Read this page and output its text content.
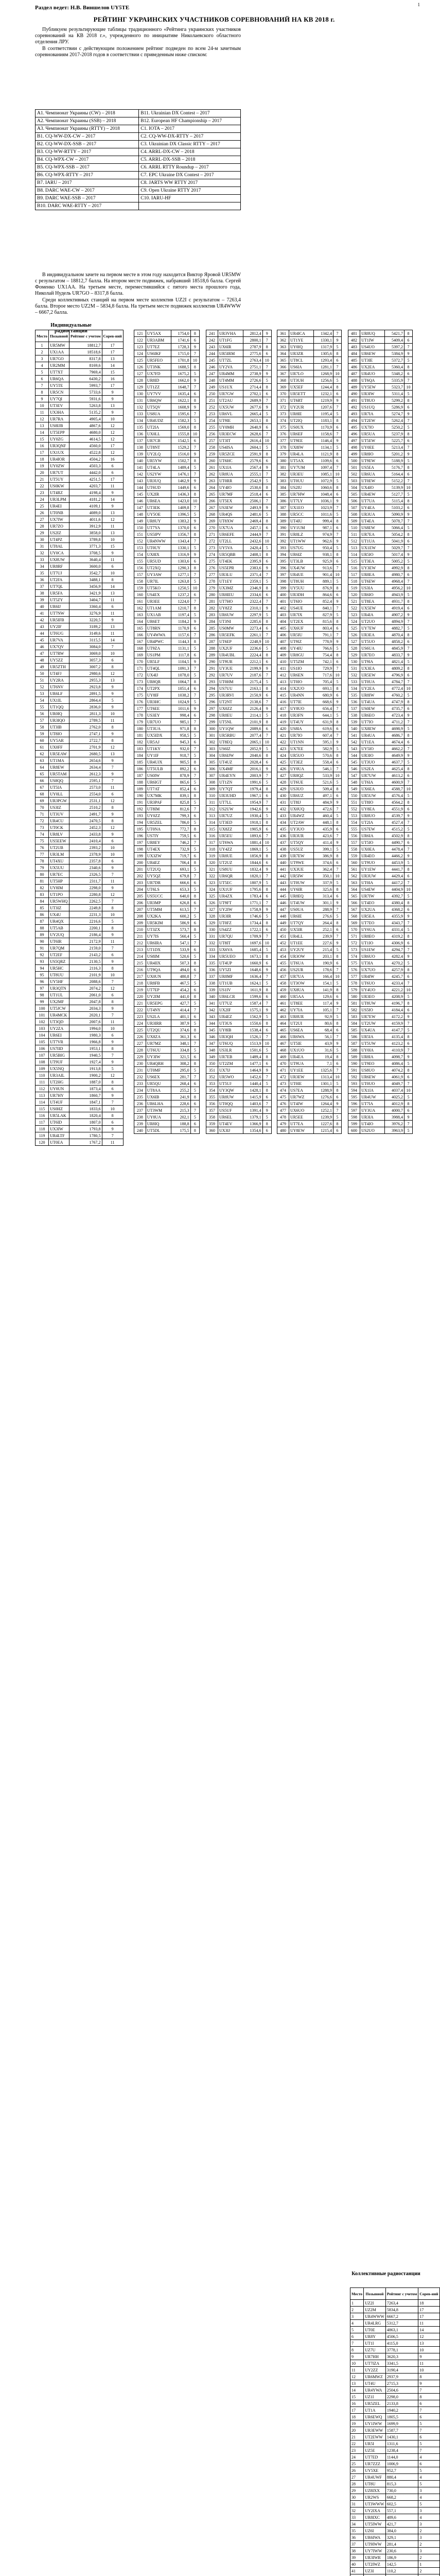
1
Раздел ведет: Н.В. Виншелов UY5TE
РЕЙТИНГ УКРАИНСКИХ УЧАСТНИКОВ СОРЕВНОВАНИЙ НА КВ 2018 г.

Публикуем результирующие таблицы традиционного «Рейтинга украинских участников соревнований на КВ 2018 г.», учрежденного по инициативе Николаевского областного отделения ЛРУ.

В соответствии с действующим положением рейтинг подведен по всем 24-м зачетным соревнованиям 2017-2018 годов в соответствии с приведенным ниже списком:

A1. Чемпионат Украины (CW) – 2018	B11. Ukrainian DX Contest – 2017
A2. Чемпионат Украины (SSB) – 2018	B12. European HF Championship – 2017
A3. Чемпионат Украины (RTTY) – 2018	C1. IOTA – 2017
B1. CQ-WW-DX-CW – 2017	C2. CQ-WW-DX-RTTY – 2017
B2. CQ-WW-DX-SSB – 2017	C3. Ukrainian DX Classic RTTY – 2017
B3. CQ-WW-RTTY – 2017	C4. ARRL-DX-CW – 2018
B4. CQ-WPX-CW – 2017	C5. ARRL-DX-SSB – 2018
B5. CQ-WPX-SSB – 2017	C6. ARRL RTTY Roundup – 2017
B6. CQ-WPX-RTTY – 2017	C7. EPC Ukraine DX Contest – 2017
B7. IARU – 2017	C8. JARTS WW RTTY 2017
B8. DARC WAE-CW – 2017	C9. Open Ukraine RTTY 2017
B9. DARC WAE-SSB – 2017	C10. IARU-HF
B10. DARC WAE-RTTY – 2017	

В индивидуальном зачете на первом месте в этом году находится Виктор Яровой UR5MW с результатом – 18812,7 балла. На втором месте подвижек, набравший 18518,6 балла. Сергей Фоменко UX1AA. На третьем месте, переместившийся с пятого места прошлого года, Николай Нудель UR7GO – 8317,8 балла.

Среди коллективных станций на первом месте коллектив UZ2I с результатом – 7263,4 балла. Второе место UZ2M – 5834,8 балла. На третьем месте подвижек коллектив UR4WWW – 6667,2 балла.

Индивидуальные радиостанции
Место	Позывной	Рейтинг с учетом	Сорев-ний
1	UR5MW	18812,7	17
2	UX1AA	18518,6	17
3	UR7GO	8317,8	13
4	UR2MM	8169,6	14
5	UT7XT	7969,4	15
6	UR6QA	6430,2	16
7	UY5TE	5993,7	17
8	UR5CN	5733,6	9
9	UY7QI	5931,6	9
10	UT3EV	5263,8	13
11	UX3HA	5135,2	9
12	UR7RA	4905,4	10
13	US8IJB	4867,6	12
14	UT5EPP	4680,0	12
15	UY0ZG	4614,5	12
16	UR3QNF	4560,0	17
17	UX1UX	4522,8	12
18	UR4IOR	4504,2	16
19	UY0ZW	4503,3	6
20	UR7UT	4442,0	6
21	UT5UY	4251,5	17
22	US0KW	4203,7	11
23	UT4RZ	4198,4	9
24	UR3LPM	4181,2	14
25	UR4EI	4109,1	9
26	UT0NB	4089,0	13
27	UX7IW	4011,6	12
28	UR7ZO	3912,9	11
29	US2IZ	3858,0	13
30	UT4PZ	3789,8	10
31	UT8AL	3771,3	15
32	UY0CA	3708,5	9
33	UX8UW	3640,4	11
34	UR8RF	3600,0	6
35	UT7UJ	3542,7	10
36	UT2FA	3488,1	8
37	UT7QL	3456,9	14
38	UR5FA	3421,9	13
39	UT5ZY	3404,7	11
40	UR6IJ	3360,4	6
41	UT7NW	3276,9	11
42	UR5IFB	3220,5	9
43	UY2IF	3189,2	13
44	UT6UG	3149,6	11
45	UR7VA	3115,5	14
46	UX7QV	3084,0	7
47	UT7RW	3069,0	10
48	UY5ZZ	3057,3	6
49	UR5ZTH	3007,2	8
50	UT4FJ	2980,6	12
51	UY2RA	2955,3	13
52	UT6NV	2923,8	9
53	UR6LF	2891,5	9
54	UX1IL	2864,4	5
55	UT1QQ	2836,0	9
56	UR0IQ	2811,3	10
57	UR3IQO	2789,5	11
58	UT3IB	2762,0	8
59	UT8IO	2747,1	9
60	UY5AR	2722,7	8
61	UX0FF	2701,9	12
62	UR5EAW	2680,5	13
63	UT1MA	2654,6	9
64	UR8EW	2634,4	7
65	UR5TAM	2612,3	9
66	US8QQ	2595,1	7
67	UT5IA	2573,0	11
68	UY0LL	2554,0	6
69	UR3PGW	2531,1	12
70	US3IZ	2510,2	8
71	UT3UV	2491,7	9
72	UR4CU	2470,5	8
73	UT0CK	2452,3	12
74	UR8LV	2433,8	9
75	US5EEW	2410,4	6
76	UT2UB	2393,2	10
77	UR3LM	2378,9	10
78	UT4XU	2357,8	6
79	UX5UU	2340,6	9
80	UR7EC	2326,5	7
81	UT5HP	2311,7	11
82	UY8IM	2298,0	9
83	UT1PO	2280,8	12
84	UR5WHQ	2262,5	7
85	UT3IZ	2249,8	8
86	UX4U	2231,3	10
87	UR4QX	2216,6	5
88	UT5AB	2200,1	8
89	UY2UQ	2186,4	9
90	UT6IR	2172,9	11
91	UR7QM	2159,0	7
92	UT2EF	2143,2	6
93	US5QRZ	2130,5	9
94	UR5HC	2116,3	8
95	UT8UU	2101,9	10
96	UY5HF	2088,6	7
97	UR3QTN	2074,2	12
98	UT1UL	2061,0	6
99	UX2MF	2047,8	8
100	UT5JCW	2034,3	9
101	UR4MCK	2020,1	7
102	UT3QD	2007,6	11
103	UY2ZA	1994,0	10
104	UR6EI	1980,3	6
105	UT7VR	1966,8	9
106	US7IID	1953,1	8
107	UR5BIG	1940,5	7
108	UT9UF	1927,4	9
109	UX5NQ	1913,8	5
110	UR3AIL	1900,2	12
111	UT2HG	1887,0	8
112	UY0UN	1873,4	6
113	UR7HY	1860,7	9
114	UT4UF	1847,1	7
115	US0HZ	1833,6	10
116	UR5LAK	1820,4	8
117	UT6ID	1807,0	6
118	UX3IW	1793,8	9
119	UR4LTF	1780,5	7
120	UT0EA	1767,2	11
121	UY5AX	1754,0	8
122	UR3ABM	1741,6	6
123	UT7EZ	1728,3	9
124	US6IKF	1715,0	7
125	UR5FEO	1701,8	10
126	UT3NK	1688,5	8
127	UX7FD	1675,2	5
128	UR8ID	1662,0	9
129	UT1ZZ	1648,7	7
130	UY7VV	1635,4	6
131	UR6QW	1622,1	8
132	UT5QV	1608,9	9
133	US8UA	1595,6	7
134	UR4UDZ	1582,3	5
135	UT2IA	1569,0	8
136	UX0LL	1555,8	10
137	UR7CB	1542,5	6
138	UT8NT	1529,2	7
139	UY2LQ	1516,0	9
140	UR5YW	1502,7	8
141	UT4LA	1489,4	5
142	US2YW	1476,1	7
143	UR3UQ	1462,9	9
144	UT6UD	1449,6	6
145	UX2IR	1436,3	8
146	UR6EA	1423,0	10
147	UT3EK	1409,8	7
148	UY5OE	1396,5	5
149	UR8UY	1383,2	9
150	UT7YA	1370,0	6
151	US5IPV	1356,7	8
152	UR4NWW	1343,4	7
153	UT0UY	1330,1	5
154	UX8IX	1316,9	9
155	UR5UD	1303,6	6
156	UT2XQ	1290,3	8
157	UY3AW	1277,1	7
158	UR7IL	1263,8	5
159	UT5KO	1250,5	10
160	US4EX	1237,2	6
161	UR3EE	1224,0	7
162	UT1AM	1210,7	8
163	UX1AB	1197,4	5
164	UR6ET	1184,2	9
165	UT8RN	1170,9	6
166	UY4WWA	1157,6	7
167	UR4PWC	1144,3	8
168	UT9ZA	1131,1	5
169	US1PM	1117,8	6
170	UR5LF	1104,5	9
171	UT4QL	1091,3	7
172	UX4IJ	1078,0	5
173	UR8QR	1064,7	8
174	UT2PX	1051,4	6
175	UY8IF	1038,2	7
176	UR3HC	1024,9	5
177	UT6EE	1011,6	9
178	US3EY	998,4	6
179	UR7UO	985,1	7
180	UT3UA	971,8	8
181	UX5IDX	958,5	5
182	UR5AJ	945,3	6
183	UT1KY	932,0	7
184	UY1IF	918,7	5
185	UR4UJX	905,5	8
186	UT5ULB	892,2	6
187	US0IW	878,9	7
188	UR6IGT	865,6	5
189	UT7AT	852,4	6
190	UX7MK	839,1	8
191	UR3PAF	825,8	5
192	UT8IM	812,6	7
193	UY0ZZ	799,3	6
194	UR5ZEL	786,0	5
195	UT0NA	772,7	8
196	US7IY	759,5	6
197	UR8EY	746,2	7
198	UT4EX	732,9	5
199	UX3ZW	719,7	6
200	UR4EZ	706,4	8
201	UT2UQ	693,1	5
202	UY5QZ	679,8	7
203	UR7DR	666,6	6
204	UT6LS	653,3	5
205	US5UCC	640,0	8
206	UR3MP	626,8	6
207	UT5MM	613,5	7
208	UX2KA	600,2	5
209	UR5KIM	586,9	6
210	UT3ZX	573,7	8
211	UY7IS	560,4	5
212	UR6IRA	547,1	7
213	UT1DX	533,9	6
214	US8IM	520,6	5
215	UR4IIX	507,3	8
216	UT9QA	494,0	6
217	UX0UN	480,8	7
218	UR8FB	467,5	5
219	UT7EP	454,2	6
220	UY2IM	441,0	8
221	UR5EPG	427,7	5
222	UT4NY	414,4	7
223	US2LA	401,1	6
224	UR3IRR	387,9	5
225	UT2QU	374,6	8
226	UX8ZA	361,3	6
227	UR7MZ	348,1	7
228	UT6UU	334,8	5
229	UY3IW	321,5	6
230	UR4QRH	308,2	8
231	UT0MF	295,0	5
232	US6EX	281,7	7
233	UR5QU	268,4	6
234	UT8AA	255,2	5
235	UX6IB	241,9	8
236	UR6LHA	228,6	6
237	UT3WM	215,3	7
238	UY8UA	202,1	5
239	UR8IQ	188,8	6
240	UT5DL	175,5	8
241	UR3VHA	2812,4	9
242	UT1FG	2800,1	7
243	UX6IR	2787,9	8
244	UR5IRM	2775,6	6
245	UT7ZL	2763,4	10
246	UY2VA	2751,1	7
247	UR4MM	2738,9	9
248	UT4MM	2726,6	5
249	US1UX	2714,4	8
250	UR7GW	2702,1	6
251	UT2AU	2689,9	7
252	UX5UW	2677,6	9
253	UR6VL	2665,4	5
254	UT9IE	2653,1	8
255	UY0MH	2640,9	6
256	UR3ECW	2628,6	7
257	UT3IT	2616,4	10
258	US4ISA	2604,1	5
259	UR5ZCE	2591,9	8
260	UT6HC	2579,6	6
261	UX1IA	2567,4	9
262	UR8UA	2555,1	7
263	UT0RR	2542,9	5
264	UY4IO	2530,6	8
265	UR7MF	2518,4	6
266	UT5EX	2506,1	7
267	US3EW	2493,9	9
268	UR4QS	2481,6	5
269	UT8XW	2469,4	8
270	UX7UA	2457,1	6
271	UR6EFE	2444,9	7
272	UT2LL	2432,6	10
273	UY5VA	2420,4	5
274	UR5QBB	2408,1	8
275	UT4EK	2395,9	6
276	US5EPR	2383,6	9
277	UR3LU	2371,4	7
278	UT1EY	2359,1	5
279	UX3MZ	2346,9	8
280	UR8IEU	2334,6	6
281	UT7HO	2322,4	7
282	UY8ZZ	2310,1	9
283	UR6UW	2297,9	5
284	UT3NI	2285,6	8
285	US0MW	2273,4	6
286	UR5EFK	2261,1	7
287	UT6EP	2248,9	10
288	UX2UF	2236,6	5
289	UR4UBL	2224,4	8
290	UT9UR	2212,1	6
291	UY3UE	2199,9	9
292	UR7UV	2187,6	7
293	UT0HM	2175,4	5
294	US7UU	2163,1	8
295	UR3RVI	2150,9	6
296	UT2NT	2138,6	7
297	UX0ZZ	2126,4	9
298	UR8EU	2114,1	5
299	UT5NL	2101,9	8
300	UY1QW	2089,6	6
301	UR5RBU	2077,4	7
302	UT8EQ	2065,1	10
303	US6IZ	2052,9	5
304	UR6IJW	2040,6	8
305	UT4UZ	2028,4	6
306	UX4MF	2016,1	9
307	UR4EYN	2003,9	7
308	UT1ZN	1991,6	5
309	UY7QT	1979,4	8
310	UR3UHD	1967,1	6
311	UT7LL	1954,9	7
312	US2UW	1942,6	9
313	UR7UZ	1930,4	5
314	UT3ED	1918,1	8
315	UX8ZZ	1905,9	6
316	UR5EU	1893,6	7
317	UT6WA	1881,4	10
318	UY4ZZ	1869,1	5
319	UR8UE	1856,9	8
320	UT2UZ	1844,6	6
321	US8UU	1832,4	9
322	UR6QR	1820,1	7
323	UT5EC	1807,9	5
324	UX1UF	1795,6	8
325	UR4ZX	1783,4	6
326	UT9FT	1771,1	7
327	UY2IW	1758,9	9
328	UR3IR	1746,6	5
329	UT0FZ	1734,4	8
330	US4ZZ	1722,1	6
331	UR7QU	1709,9	7
332	UT8IT	1697,6	10
333	UX6VA	1685,4	5
334	UR5UEO	1673,1	8
335	UT4UP	1660,9	6
336	UY5ZI	1648,6	9
337	UR8MF	1636,4	7
338	UT1UB	1624,1	5
339	US1IV	1611,9	8
340	UR6LCR	1599,6	6
341	UT7UZ	1587,4	7
342	UX2IF	1575,1	9
343	UR4EZ	1562,9	5
344	UT3US	1550,6	8
345	UY8IB	1538,4	6
346	UR3QH	1526,1	7
347	UT6UQ	1513,9	10
348	US3LR	1501,6	5
349	UR7EB	1489,4	8
350	UT2ZM	1477,1	6
351	UX7IJ	1464,9	9
352	UR5WO	1452,6	7
353	UT5UJ	1440,4	5
354	UY3QW	1428,1	8
355	UR8UW	1415,9	6
356	UT0QQ	1403,6	7
357	US5UF	1391,4	9
358	UR6EL	1379,1	5
359	UT4EV	1366,9	8
360	UX3IJ	1354,6	6
361	UR4ICA	1342,4	7
362	UT1YE	1330,1	9
363	UY0IQ	1317,9	5
364	UR3ZR	1305,6	8
365	UT8CL	1293,4	6
366	US6IA	1281,1	7
367	UR7LO	1268,9	10
368	UT3UH	1256,6	5
369	UX5EF	1244,4	8
370	UR5ETT	1232,1	6
371	UT6RT	1219,9	9
372	UY2UR	1207,6	7
373	UR8IE	1195,4	5
374	UT2IQ	1183,1	8
375	US0UX	1170,9	6
376	UR6EF	1158,6	7
377	UT9EE	1146,4	9
378	UX8IW	1134,1	5
379	UR4LA	1121,9	8
380	UT5AX	1109,6	6
381	UY7UM	1097,4	7
382	UR3EU	1085,1	10
383	UT0UU	1072,9	5
384	US2IU	1060,6	8
385	UR7HW	1048,4	6
386	UT7LY	1036,1	9
387	UX1EO	1023,9	7
388	UR5CC	1011,6	5
389	UT4IU	999,4	8
390	UY1UM	987,1	6
391	UR8LZ	974,9	7
392	UT1WW	962,6	9
393	US7UG	950,4	5
394	UR6IZ	938,1	8
395	UT3LB	925,9	6
396	UX4UW	913,6	7
397	UR4UE	901,4	10
398	UT8UH	889,1	5
399	UY5UU	876,9	8
400	UR3DH	864,6	6
401	UT6IO	852,4	9
402	US4UE	840,1	7
403	UR7IX	827,9	5
404	UT2EX	815,6	8
405	UX6UF	803,4	6
406	UR5IU	791,1	7
407	UT9IZ	778,9	9
408	UY4IU	766,6	5
409	UR8GU	754,4	8
410	UT5ZM	742,1	6
411	US1IO	729,9	7
412	UR6EN	717,6	10
413	UT0IO	705,4	5
414	UX2UO	693,1	8
415	UR4NN	680,9	6
416	UT7IE	668,6	9
417	UY8UO	656,4	7
418	UR3FN	644,1	5
419	UT4UY	631,9	8
420	US8IA	619,6	6
421	UR7IO	607,4	7
422	UT1NN	595,1	9
423	UX7EE	582,9	5
424	UR5UO	570,6	8
425	UT3EZ	558,4	6
426	UY0UA	546,1	7
427	UR8QZ	533,9	10
428	UT6UE	521,6	5
429	US3UO	509,4	8
430	UR6UZ	497,1	6
431	UT8IJ	484,9	9
432	UX0UQ	472,6	7
433	UR4WZ	460,4	5
434	UT2AW	448,1	8
435	UY3UO	435,9	6
436	UR3UR	423,6	7
437	UT5QY	411,4	9
438	US5UZ	399,1	5
439	UR7EW	386,9	8
440	UT9WE	374,6	6
441	UX3UE	362,4	7
442	UR5IW	350,1	10
443	UT0UW	337,9	5
444	UY6IR	325,6	8
445	UR8EQ	313,4	6
446	UT4UW	301,1	9
447	US0UA	288,9	7
448	UR6IE	276,6	5
449	UT7QY	264,4	8
450	UX5IR	252,1	6
451	UR4LL	239,9	7
452	UT1EE	227,6	9
453	UY2UY	215,4	5
454	UR3OW	203,1	8
455	UT6UA	190,9	6
456	US2UR	178,6	7
457	UR7UA	166,4	10
458	UT3OW	154,1	5
459	UX8UA	141,9	8
460	UR5AA	129,6	6
461	UT8EE	117,4	9
462	UY7IA	105,1	7
463	UR8UR	92,9	5
464	UT2UI	80,6	8
465	US6EA	68,4	6
466	UR6WA	56,1	7
467	UT5IE	43,9	9
468	UX1UO	31,6	5
469	UR4EA	19,4	8
470	UT9UA	7,1	6
471	UY1EE	1325,6	7
472	UR3EW	1313,4	10
473	UT0IE	1301,1	5
474	US7EA	1288,9	8
475	UR7WZ	1276,6	6
476	UT4IW	1264,4	9
477	UX6UO	1252,1	7
478	UR5EE	1239,9	5
479	UT7EA	1227,6	8
480	UY8EW	1215,4	6
481	UR8UQ	5421,7	8
482	UT1IW	5409,4	6
483	US4UO	5397,2	7
484	UR6EW	5384,9	9
485	UT3IE	5372,7	5
486	UX2EA	5360,4	8
487	UR4UO	5348,2	6
488	UT6QA	5335,9	7
489	UY5EW	5323,7	10
490	UR3IW	5311,4	5
491	UT8UO	5299,2	8
492	US1UQ	5286,9	6
493	UR7IA	5274,7	9
494	UT2EW	5262,4	7
495	UX7IO	5250,2	5
496	UR5UA	5237,9	8
497	UT5EW	5225,7	6
498	UY0EE	5213,4	7
499	UR8IO	5201,2	9
500	UT9EW	5188,9	5
501	US5EA	5176,7	8
502	UR6UA	5164,4	6
503	UT0EW	5152,2	7
504	UX4IO	5139,9	10
505	UR4EW	5127,7	5
506	UT7UA	5115,4	8
507	UY4EA	5103,2	6
508	UR3UA	5090,9	9
509	UT4EA	5078,7	7
510	US8EW	5066,4	5
511	UR7EA	5054,2	8
512	UT1UA	5041,9	6
513	UX1EW	5029,7	7
514	UR5IO	5017,4	9
515	UT3EA	5005,2	5
516	UY3EW	4992,9	8
517	UR8EA	4980,7	6
518	UT6EW	4968,4	7
519	US3IA	4956,2	10
520	UR6IO	4943,9	5
521	UT8EA	4931,7	8
522	UX5EW	4919,4	6
523	UR4IA	4907,2	9
524	UT2UO	4894,9	7
525	UY7EW	4882,7	5
526	UR3EA	4870,4	8
527	UT5UO	4858,2	6
528	US6UA	4845,9	7
529	UR7EO	4833,7	9
530	UT9IA	4821,4	5
531	UX3EA	4809,2	8
532	UR5EW	4796,9	6
533	UT0UA	4784,7	7
534	UY2EA	4772,4	10
535	UR8IW	4760,2	5
536	UT4UA	4747,9	8
537	US0EW	4735,7	6
538	UR6EO	4723,4	9
539	UT7IO	4711,2	7
540	UX8EW	4698,9	5
541	UR4UA	4686,7	8
542	UT1EA	4674,4	6
543	UY5IO	4662,2	7
544	UR3IO	4649,9	9
545	UT3UO	4637,7	5
546	US2EA	4625,4	8
547	UR7UW	4613,2	6
548	UT6IA	4600,9	7
549	UX6EA	4588,7	10
550	UR5UW	4576,4	5
551	UT8IO	4564,2	8
552	UY8EA	4551,9	6
553	UR8UO	4539,7	9
554	UT2IA	4527,4	7
555	US7EW	4515,2	5
556	UR6IA	4502,9	8
557	UT5IO	4490,7	6
558	UX0EA	4478,4	7
559	UR4EO	4466,2	9
560	UT9UO	4453,9	5
561	UY1EW	4441,7	8
562	UR3UW	4429,4	6
563	UT0IA	4417,2	7
564	US4EW	4404,9	10
565	UR7IW	4392,7	5
566	UT4EO	4380,4	8
567	UX2UA	4368,2	6
568	UR5EA	4355,9	9
569	UT7EO	4343,7	7
570	UY6UA	4331,4	5
571	UR8EO	4319,2	8
572	UT1IO	4306,9	6
573	US1EW	4294,7	7
574	UR6UO	4282,4	9
575	UT3IA	4270,2	5
576	UX7UO	4257,9	8
577	UR4IW	4245,7	6
578	UT6UO	4233,4	7
579	UY4UO	4221,2	10
580	UR3EO	4208,9	5
581	UT8UW	4196,7	8
582	US5IO	4184,4	6
583	UR7EW	4172,2	9
584	UT2UW	4159,9	7
585	UX4UA	4147,7	5
586	UR5IA	4135,4	8
587	UT5UW	4123,2	6
588	UY0IA	4110,9	7
589	UR8IA	4098,7	9
590	UT9EO	4086,4	5
591	US8UO	4074,2	8
592	UR6EW	4061,9	6
593	UT0UO	4049,7	7
594	UX1IA	4037,4	10
595	UR4UW	4025,2	5
596	UT7IA	4012,9	8
597	UY3UA	4000,7	6
598	UR3IA	3988,4	9
599	UT4IO	3976,2	7
600	US2UO	3963,9	5
Коллективные радиостанции
Место	Позывной	Рейтинг с учетом	Сорев-ний
1	UZ2I	7263,4	18
2	UZ2M	5834,8	17
3	UR4WWW	6667,2	17
4	UR4LRG	5312,7	11
5	UT0E	4863,1	14
6	UR8Y	4506,5	12
7	UT1I	4115,0	13
8	UZ7U	3778,1	10
9	UR7HH	3620,3	9
10	UT7IZA	3341,5	11
11	UY2ZZ	3190,4	10
12	UR6MWZ	2937,9	8
13	UT4U	2715,3	9
14	UR4YWA	2504,6	7
15	UZ1I	2298,0	8
16	UR5ZEL	2133,8	6
17	UT1A	1940,2	7
18	UR6EWQ	1805,5	6
19	UY1IWW	1699,9	5
20	UR3EWW	1587,7	7
21	UT2EWW	1430,1	6
22	UR5I	1311,6	5
23	UZ5E	1238,4	7
24	UT7ED	1144,0	4
25	UR7ZZZ	1006,9	6
26	UY5XE	952,7	5
27	UR4UWF	880,4	4
28	UT8U	815,3	5
29	UZ8IXX	730,0	3
30	UR2WS	668,2	4
31	UT3WWW	602,5	5
32	UY2IXA	557,1	3
33	UR8IXC	489,6	4
34	UT5IWW	421,7	3
35	UZ6I	384,0	2
36	UR6IWA	329,1	3
37	UT9IWW	281,4	2
38	UY7IWW	230,6	3
39	UR3IWR	186,9	2
40	UT2IWZ	142,5	1
41	UZ3I	110,2	2
